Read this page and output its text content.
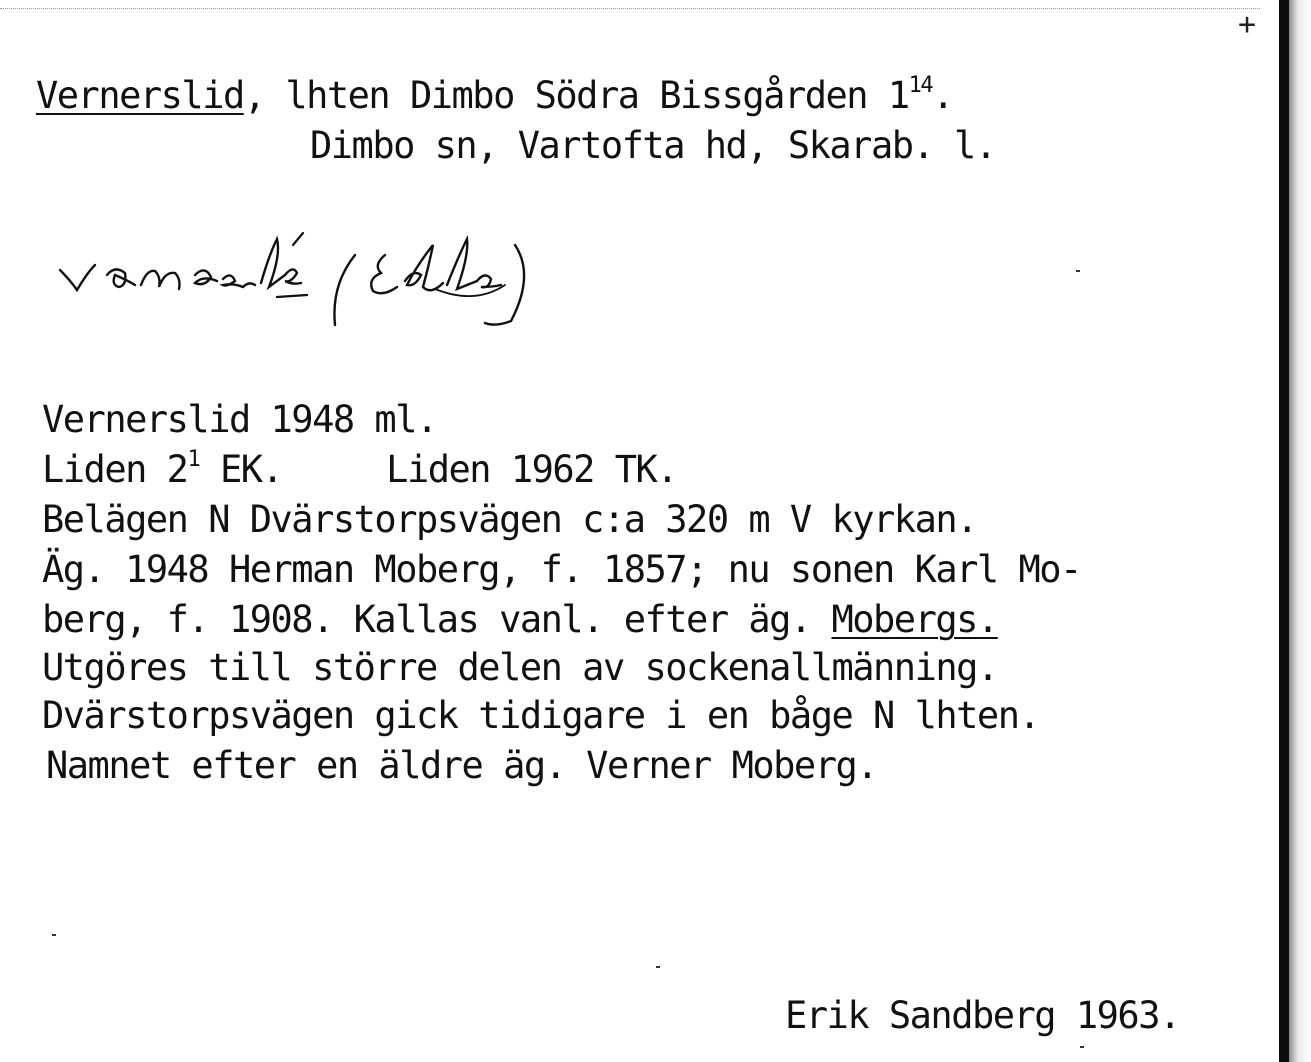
+
Vernerslid, lhten Dimbo Södra Bissgården $1^{14}$.
Dimbo sn, Vartofta hd, Skarab. l.
Vernerslid 1948 ml.
Liden $2^1$ EK.     Liden 1962 TK.
Belägen N Dvärstorpsvägen c:a 320 m V kyrkan.
Äg. 1948 Herman Moberg, f. 1857; nu sonen Karl Mo-
berg, f. 1908. Kallas vanl. efter äg. Mobergs.
Utgöres till större delen av sockenallmänning.
Dvärstorpsvägen gick tidigare i en båge N lhten.
Namnet efter en äldre äg. Verner Moberg.
Erik Sandberg 1963.
